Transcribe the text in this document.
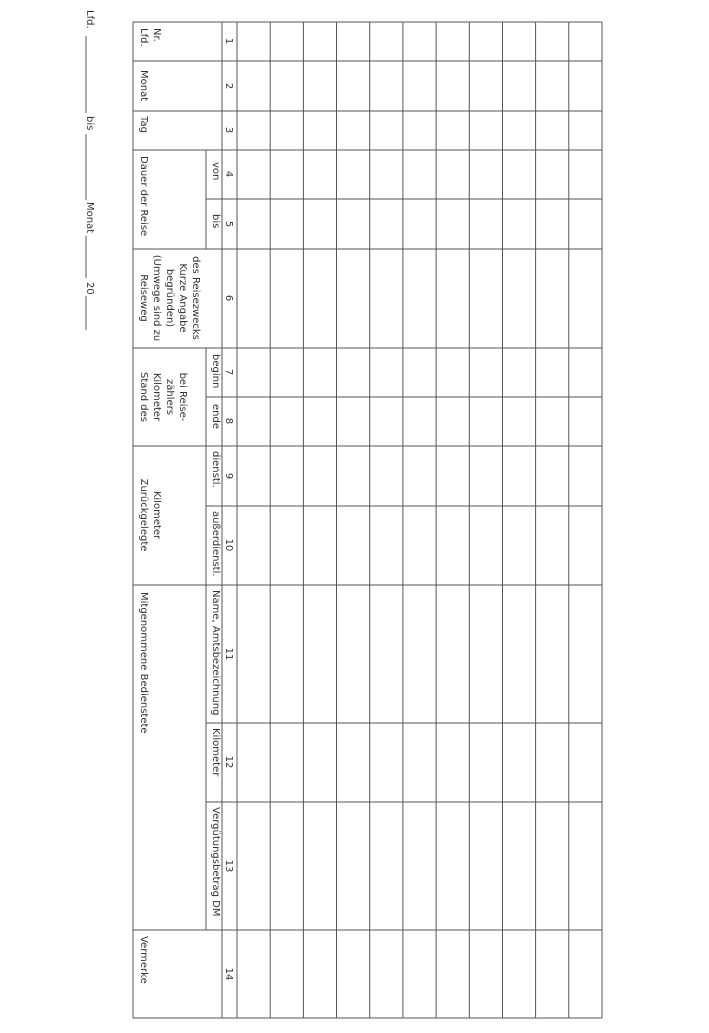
Lfd.
bis
Monat
20
Lfd. Nr.
Monat
Tag
Dauer der Reise	von
bis
Reiseweg (Umwege sind zu begründen) Kurze Angabe des Reisezwecks
Stand des Kilometer zählers bei Reise-
beginn
ende
Zurückgelegte Kilometer
dienstl.
außerdienstl.
Mitgenommene Bedienstete	Name, Amtsbezeichnung
Kilometer
Vergütungsbetrag DM
Vermerke
1
2
3
4
5
6
7
8
9
10
11
12
13
14
